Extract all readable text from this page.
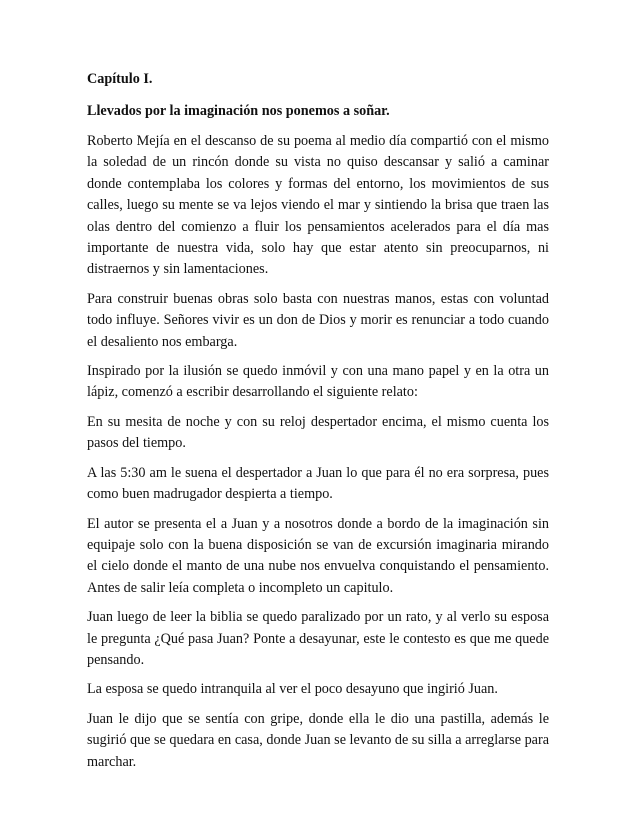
Capítulo I.
Llevados por la imaginación nos ponemos a soñar.

Roberto Mejía en el descanso de su poema al medio día compartió con el mismo la soledad de un rincón donde su vista no quiso descansar y salió a caminar donde contemplaba los colores y formas del entorno, los movimientos de sus calles, luego su mente se va lejos viendo el mar y sintiendo la brisa que traen las olas dentro del comienzo a fluir los pensamientos acelerados para el día mas importante de nuestra vida, solo hay que estar atento sin preocuparnos, ni distraernos y sin lamentaciones.

Para construir buenas obras solo basta con nuestras manos, estas con voluntad todo influye. Señores vivir es un don de Dios y morir es renunciar a todo cuando el desaliento nos embarga.

Inspirado por la ilusión se quedo inmóvil y con una mano papel y en la otra un lápiz, comenzó a escribir desarrollando el siguiente relato:

En su mesita de noche y con su reloj despertador encima, el mismo cuenta los pasos del tiempo.

A las 5:30 am le suena el despertador a Juan lo que para él no era sorpresa, pues como buen madrugador despierta a tiempo.

El autor se presenta el a Juan y a nosotros donde a bordo de la imaginación sin equipaje solo con la buena disposición se van de excursión imaginaria mirando el cielo donde el manto de una nube nos envuelva conquistando el pensamiento. Antes de salir leía completa o incompleto un capitulo.

Juan luego de leer la biblia se quedo paralizado por un rato, y al verlo su esposa le pregunta ¿Qué pasa Juan? Ponte a desayunar, este le contesto es que me quede pensando.

La esposa se quedo intranquila al ver el poco desayuno que ingirió Juan.

Juan le dijo que se sentía con gripe, donde ella le dio una pastilla, además le sugirió que se quedara en casa, donde Juan se levanto de su silla a arreglarse para marchar.
